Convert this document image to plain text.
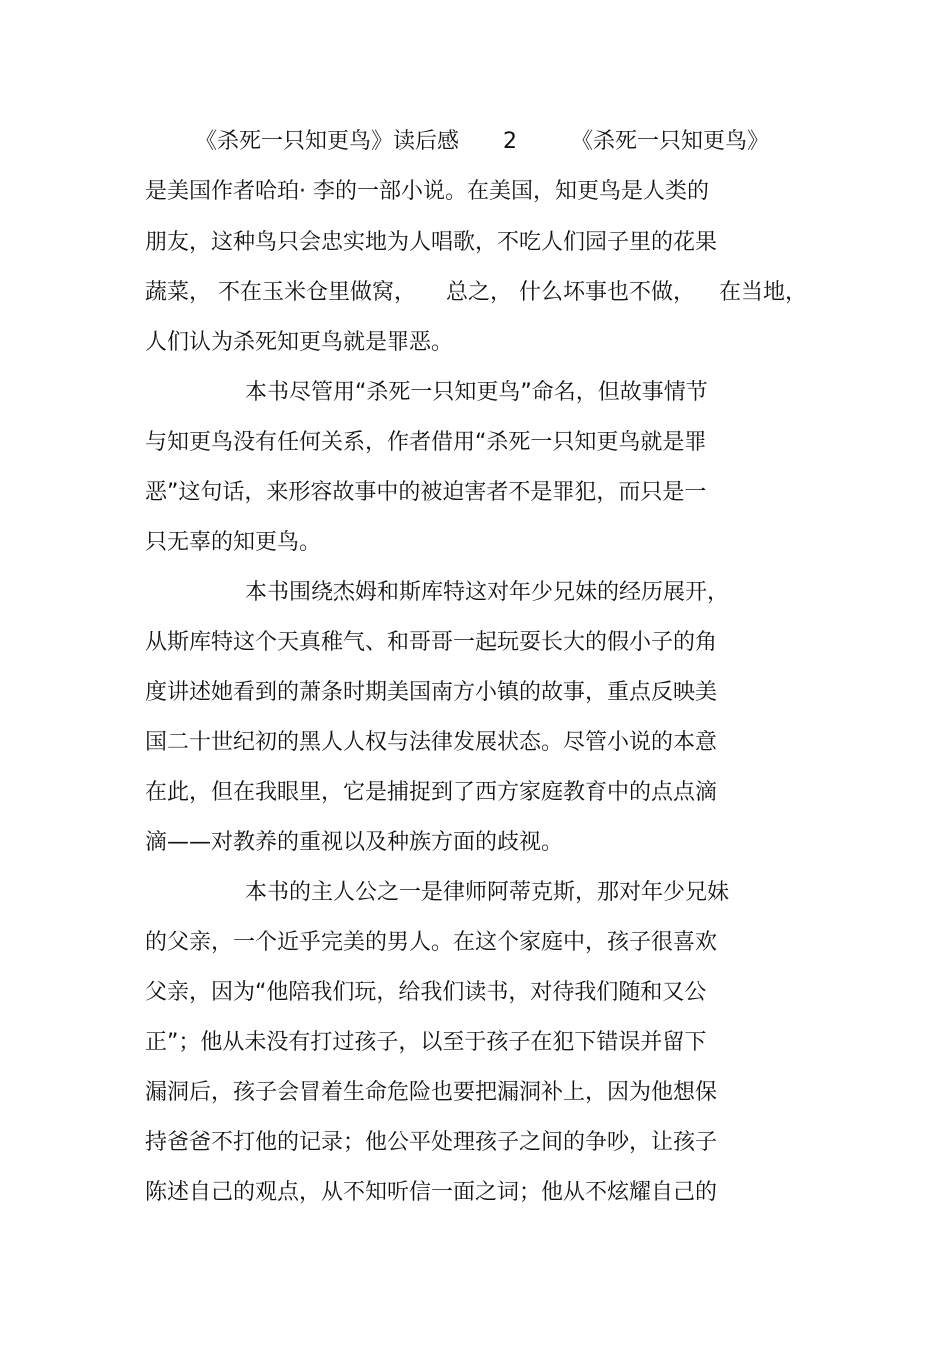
《杀死一只知更鸟》读后感 2 《杀死一只知更鸟》
是美国作者哈珀· 李的一部小说。在美国，知更鸟是人类的
朋友，这种鸟只会忠实地为人唱歌，不吃人们园子里的花果
蔬菜， 不在玉米仓里做窝， 总之， 什么坏事也不做， 在当地，
人们认为杀死知更鸟就是罪恶。
本书尽管用“杀死一只知更鸟”命名，但故事情节
与知更鸟没有任何关系，作者借用“杀死一只知更鸟就是罪
恶”这句话，来形容故事中的被迫害者不是罪犯，而只是一
只无辜的知更鸟。
本书围绕杰姆和斯库特这对年少兄妹的经历展开，
从斯库特这个天真稚气、和哥哥一起玩耍长大的假小子的角
度讲述她看到的萧条时期美国南方小镇的故事，重点反映美
国二十世纪初的黑人人权与法律发展状态。尽管小说的本意
在此，但在我眼里，它是捕捉到了西方家庭教育中的点点滴
滴——对教养的重视以及种族方面的歧视。
本书的主人公之一是律师阿蒂克斯，那对年少兄妹
的父亲，一个近乎完美的男人。在这个家庭中，孩子很喜欢
父亲，因为“他陪我们玩，给我们读书，对待我们随和又公
正”；他从未没有打过孩子，以至于孩子在犯下错误并留下
漏洞后，孩子会冒着生命危险也要把漏洞补上，因为他想保
持爸爸不打他的记录；他公平处理孩子之间的争吵，让孩子
陈述自己的观点，从不知听信一面之词；他从不炫耀自己的
